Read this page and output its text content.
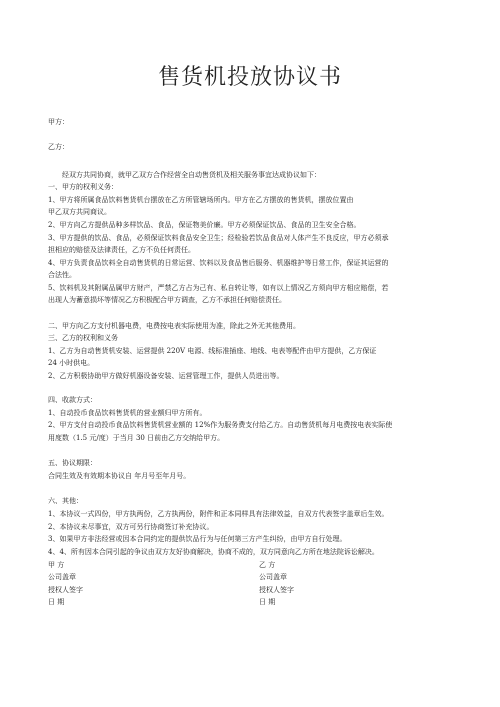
售货机投放协议书
甲方：
乙方：
经双方共同协商，就甲乙双方合作经营全自动售货机及相关服务事宜达成协议如下：
一、甲方的权利义务：
1、甲方将所属食品饮料售货机台摆放在乙方所管辖场所内。甲方在乙方摆放的售货机，摆放位置由
甲乙双方共同商议。
2、甲方向乙方提供品种多样饮品、食品，保证物美价廉。甲方必须保证饮品、食品的卫生安全合格。
3、甲方提供的饮品、食品，必须保证饮料食品安全卫生；经检验若饮品食品对人体产生不良反应，甲方必须承
担相应的赔偿及法律责任，乙方不负任何责任。
4、甲方负责食品饮料全自动售货机的日常运营、饮料以及食品售后服务、机器维护等日常工作，保证其运营的
合法性。
5、饮料机及其附属品属甲方财产，严禁乙方占为己有、私自转让等，如有以上情况乙方须向甲方相应赔偿，若
出现人为蓄意损坏等情况乙方积极配合甲方调查，乙方不承担任何赔偿责任。
二、甲方向乙方支付机器电费，电费按电表实际使用为准，除此之外无其他费用。
三、乙方的权利和义务
1、乙方为自动售货机安装、运营提供 220V 电源、线标准插座、地线、电表等配件由甲方提供，乙方保证
24 小时供电。
2、乙方积极协助甲方做好机器设备安装、运营管理工作，提供人员进出等。
四、收款方式：
1、自动投币食品饮料售货机的营业额归甲方所有。
2、甲方支付自动投币食品饮料售货机营业额的 12%作为服务费支付给乙方。自动售货机每月电费按电表实际使
用度数（1.5 元/度）于当月 30 日前由乙方交纳给甲方。
五、协议期限：
合同生效及有效期本协议自 年月号至年月号。
六、其他：
1、本协议一式四份，甲方执两份，乙方执两份，附件和正本同样具有法律效益，自双方代表签字盖章后生效。
2、本协议未尽事宜，双方可另行协商签订补充协议。
3、如果甲方非法经营或因本合同约定的提供饮品行为与任何第三方产生纠纷，由甲方自行处理。
4、4、所有因本合同引起的争议由双方友好协商解决，协商不成的，双方同意向乙方所在地法院诉讼解决。
甲 方
公司盖章
授权人签字
日 期
乙 方
公司盖章
授权人签字
日 期
